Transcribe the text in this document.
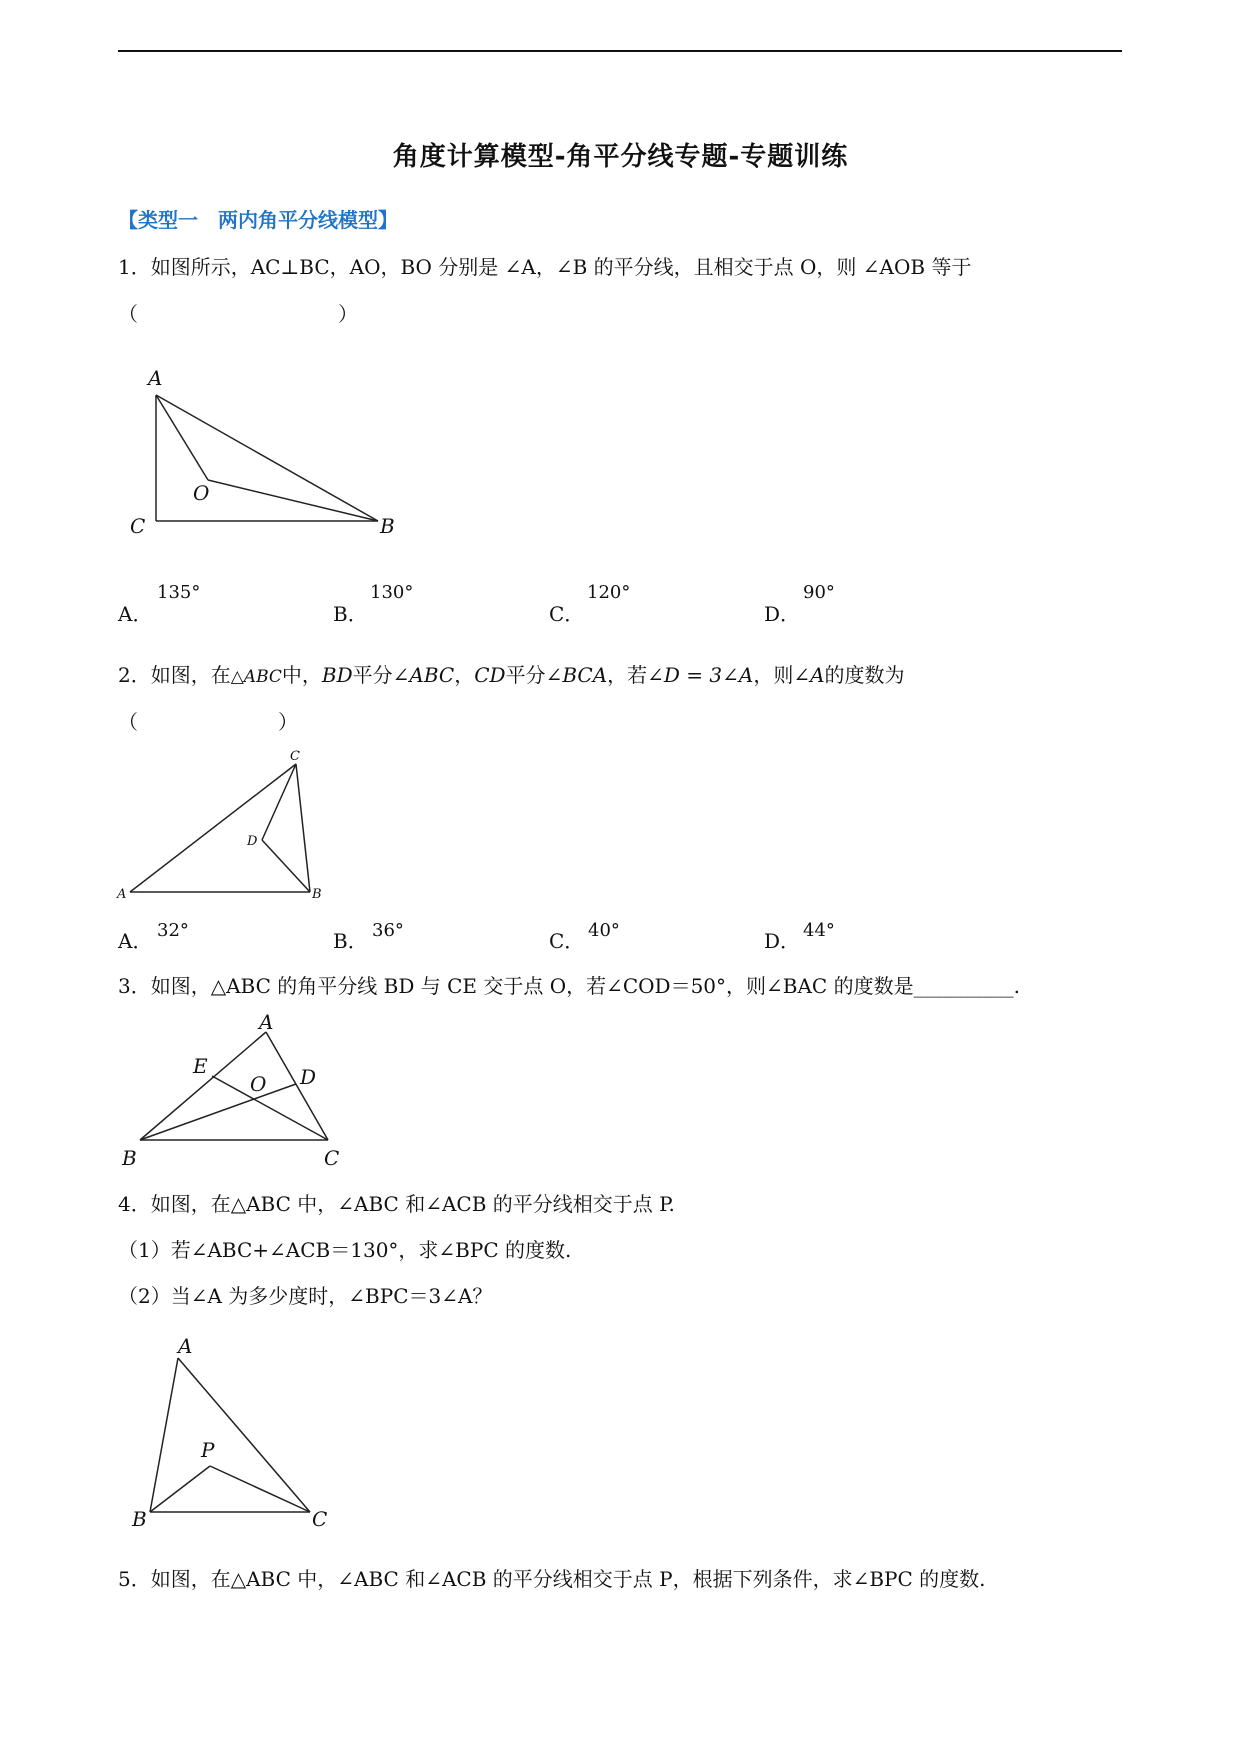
角度计算模型-角平分线专题-专题训练
【类型一　两内角平分线模型】
1．如图所示，AC⊥BC，AO，BO 分别是 ∠A，∠B 的平分线，且相交于点 O，则 ∠AOB 等于
（　　　　　　　　　　）
A
C
O
B
A．
135°
B．
130°
C．
120°
D．
90°
2．如图，在△ABC中，BD平分∠ABC，CD平分∠BCA，若∠D = 3∠A，则∠A的度数为
（　　　　　　　）
C
D
A	B
A． 32°	B． 36°	C． 40°	D． 44°
3．如图，△ABC 的角平分线 BD 与 CE 交于点 O，若∠COD＝50°，则∠BAC 的度数是__________.
A
E
O D
B	C
4．如图，在△ABC 中，∠ABC 和∠ACB 的平分线相交于点 P.
（1）若∠ABC+∠ACB＝130°，求∠BPC 的度数.
（2）当∠A 为多少度时，∠BPC＝3∠A？
A
P
B	C
5．如图，在△ABC 中，∠ABC 和∠ACB 的平分线相交于点 P，根据下列条件，求∠BPC 的度数.
